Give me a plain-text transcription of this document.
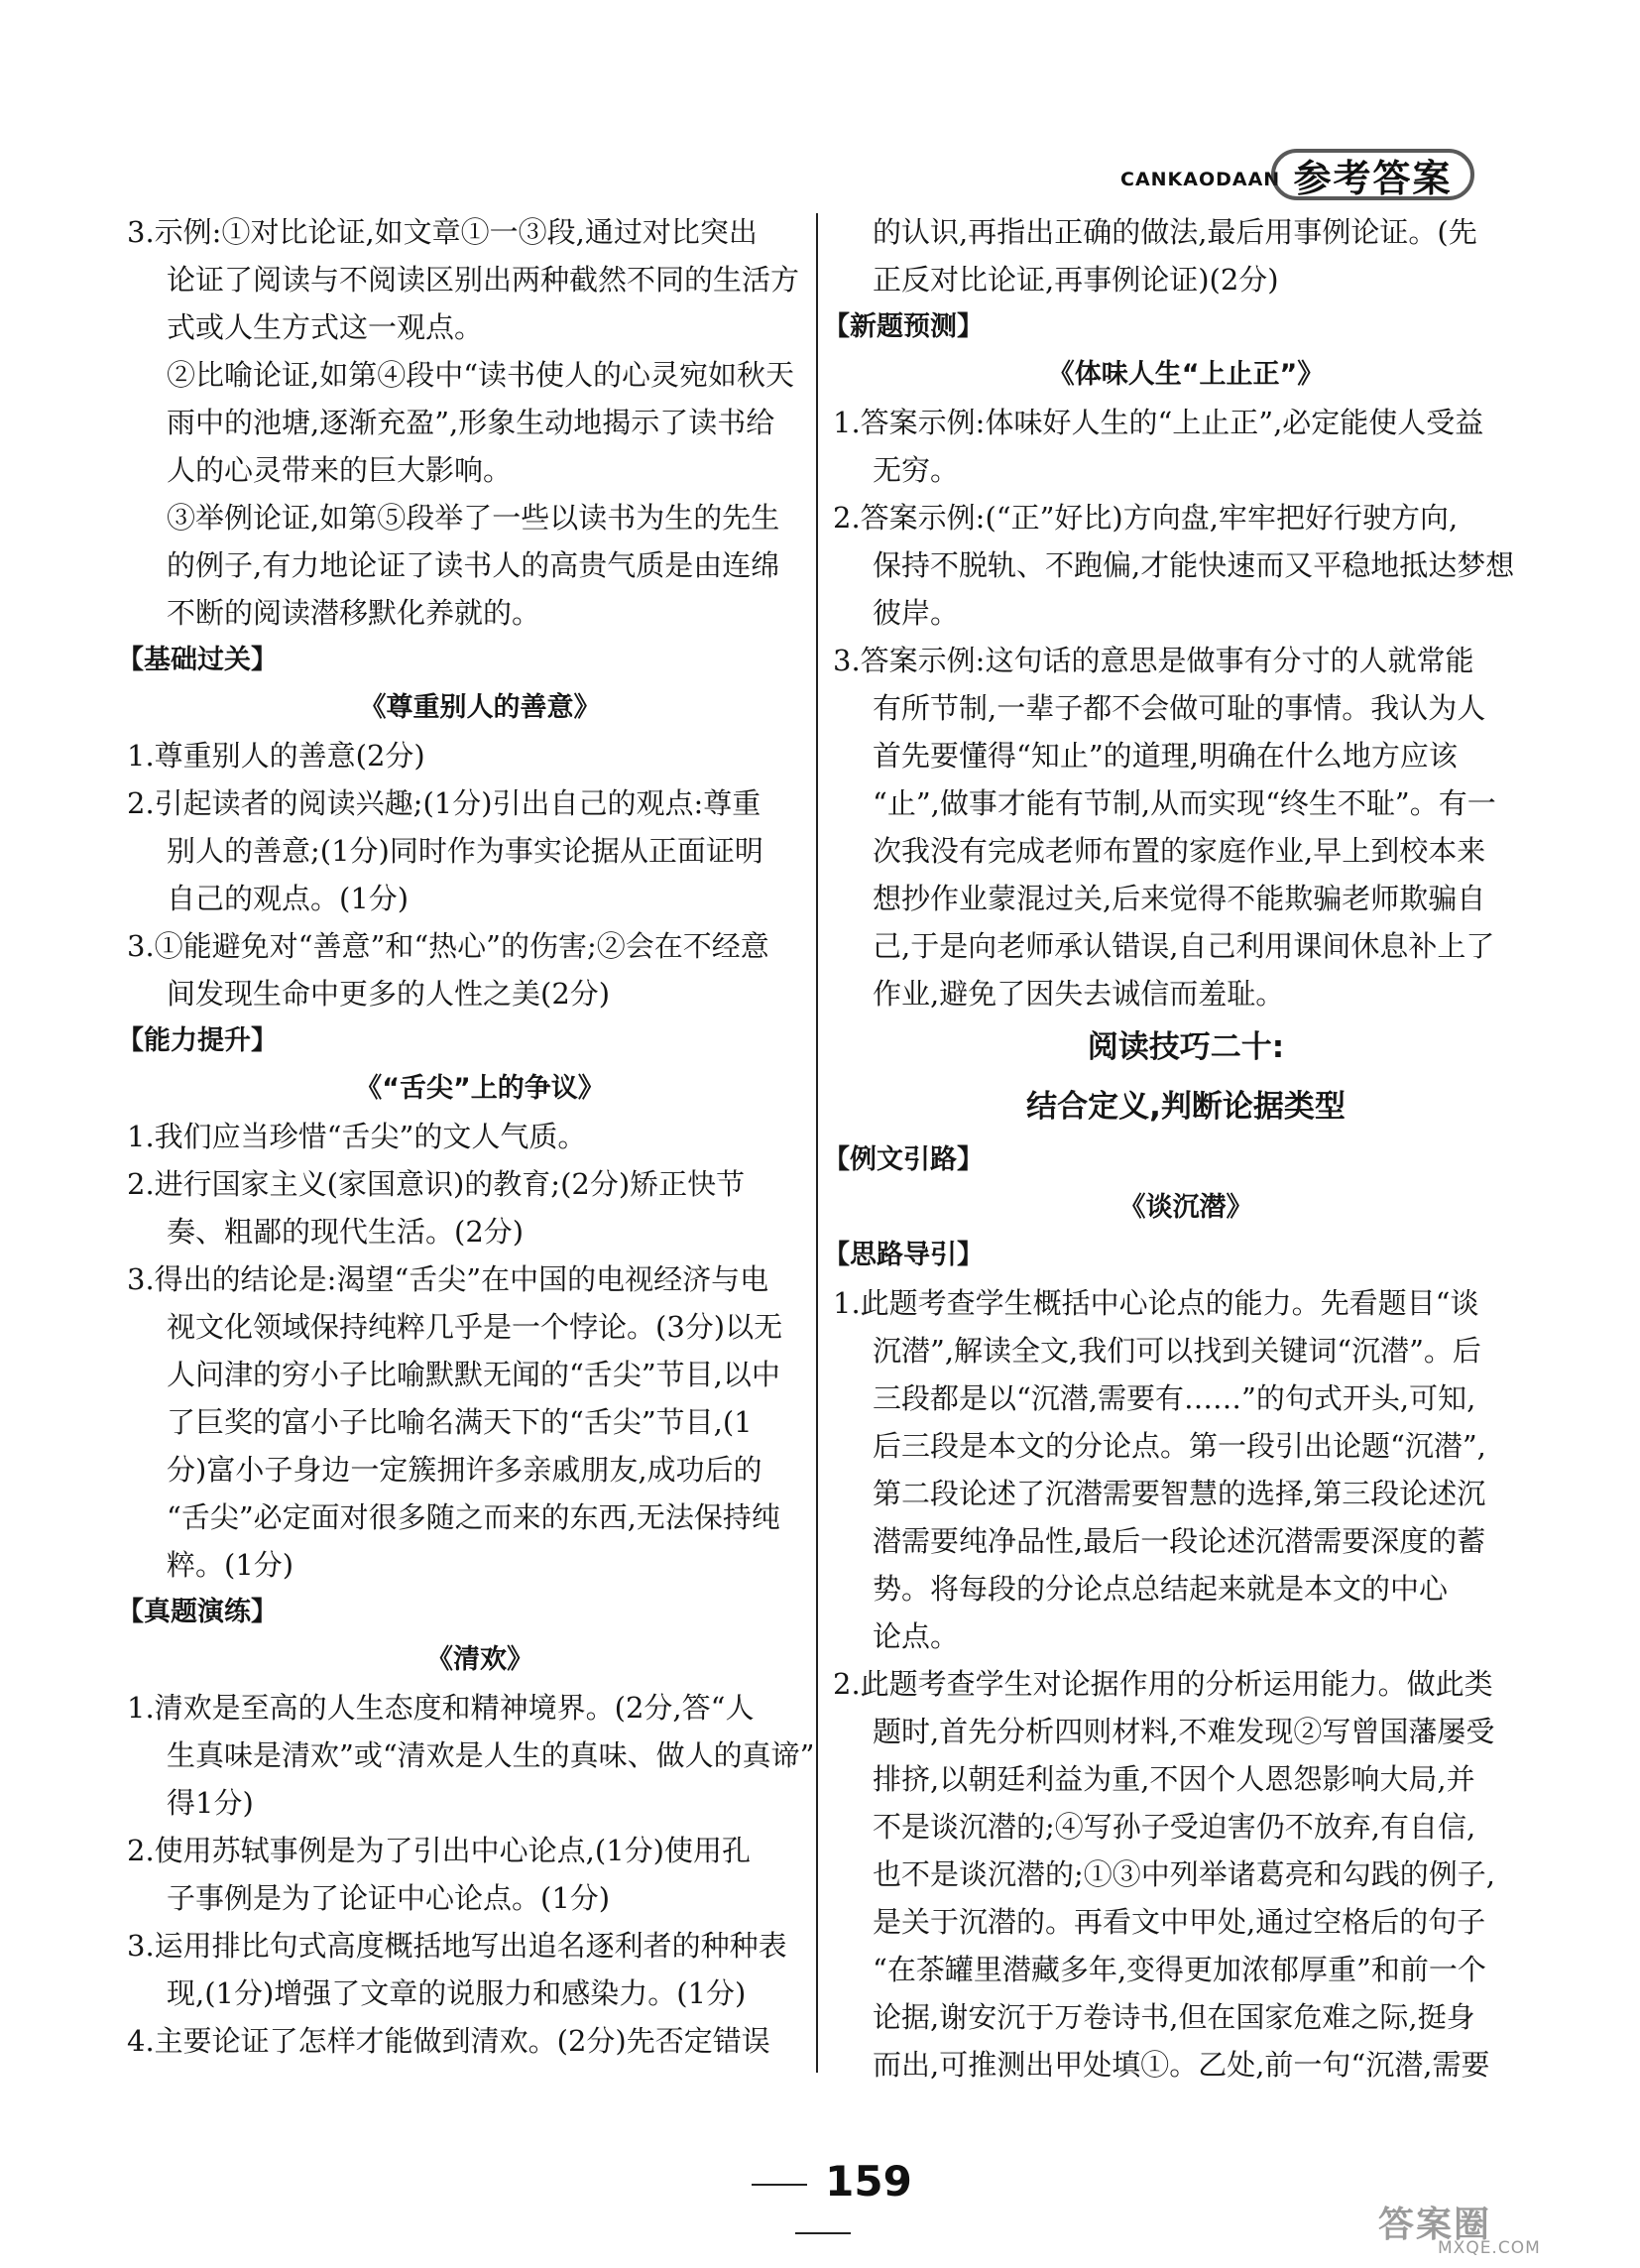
CANKAODAAN 参考答案
3.示例:①对比论证,如文章①一③段,通过对比突出
论证了阅读与不阅读区别出两种截然不同的生活方
式或人生方式这一观点。
②比喻论证,如第④段中“读书使人的心灵宛如秋天
雨中的池塘,逐渐充盈”,形象生动地揭示了读书给
人的心灵带来的巨大影响。
③举例论证,如第⑤段举了一些以读书为生的先生
的例子,有力地论证了读书人的高贵气质是由连绵
不断的阅读潜移默化养就的。
【基础过关】
《尊重别人的善意》
1.尊重别人的善意(2分)
2.引起读者的阅读兴趣;(1分)引出自己的观点:尊重
别人的善意;(1分)同时作为事实论据从正面证明
自己的观点。(1分)
3.①能避免对“善意”和“热心”的伤害;②会在不经意
间发现生命中更多的人性之美(2分)
【能力提升】
《“舌尖”上的争议》
1.我们应当珍惜“舌尖”的文人气质。
2.进行国家主义(家国意识)的教育;(2分)矫正快节
奏、粗鄙的现代生活。(2分)
3.得出的结论是:渴望“舌尖”在中国的电视经济与电
视文化领域保持纯粹几乎是一个悖论。(3分)以无
人问津的穷小子比喻默默无闻的“舌尖”节目,以中
了巨奖的富小子比喻名满天下的“舌尖”节目,(1
分)富小子身边一定簇拥许多亲戚朋友,成功后的
“舌尖”必定面对很多随之而来的东西,无法保持纯
粹。(1分)
【真题演练】
《清欢》
1.清欢是至高的人生态度和精神境界。(2分,答“人
生真味是清欢”或“清欢是人生的真味、做人的真谛”
得1分)
2.使用苏轼事例是为了引出中心论点,(1分)使用孔
子事例是为了论证中心论点。(1分)
3.运用排比句式高度概括地写出追名逐利者的种种表
现,(1分)增强了文章的说服力和感染力。(1分)
4.主要论证了怎样才能做到清欢。(2分)先否定错误
的认识,再指出正确的做法,最后用事例论证。(先
正反对比论证,再事例论证)(2分)
【新题预测】
《体味人生“上止正”》
1.答案示例:体味好人生的“上止正”,必定能使人受益
无穷。
2.答案示例:(“正”好比)方向盘,牢牢把好行驶方向,
保持不脱轨、不跑偏,才能快速而又平稳地抵达梦想
彼岸。
3.答案示例:这句话的意思是做事有分寸的人就常能
有所节制,一辈子都不会做可耻的事情。我认为人
首先要懂得“知止”的道理,明确在什么地方应该
“止”,做事才能有节制,从而实现“终生不耻”。有一
次我没有完成老师布置的家庭作业,早上到校本来
想抄作业蒙混过关,后来觉得不能欺骗老师欺骗自
己,于是向老师承认错误,自己利用课间休息补上了
作业,避免了因失去诚信而羞耻。
阅读技巧二十:
结合定义,判断论据类型
【例文引路】
《谈沉潜》
【思路导引】
1.此题考查学生概括中心论点的能力。先看题目“谈
沉潜”,解读全文,我们可以找到关键词“沉潜”。后
三段都是以“沉潜,需要有……”的句式开头,可知,
后三段是本文的分论点。第一段引出论题“沉潜”,
第二段论述了沉潜需要智慧的选择,第三段论述沉
潜需要纯净品性,最后一段论述沉潜需要深度的蓄
势。将每段的分论点总结起来就是本文的中心
论点。
2.此题考查学生对论据作用的分析运用能力。做此类
题时,首先分析四则材料,不难发现②写曾国藩屡受
排挤,以朝廷利益为重,不因个人恩怨影响大局,并
不是谈沉潜的;④写孙子受迫害仍不放弃,有自信,
也不是谈沉潜的;①③中列举诸葛亮和勾践的例子,
是关于沉潜的。再看文中甲处,通过空格后的句子
“在茶罐里潜藏多年,变得更加浓郁厚重”和前一个
论据,谢安沉于万卷诗书,但在国家危难之际,挺身
而出,可推测出甲处填①。乙处,前一句“沉潜,需要
159
答案圈
MXQE.COM
